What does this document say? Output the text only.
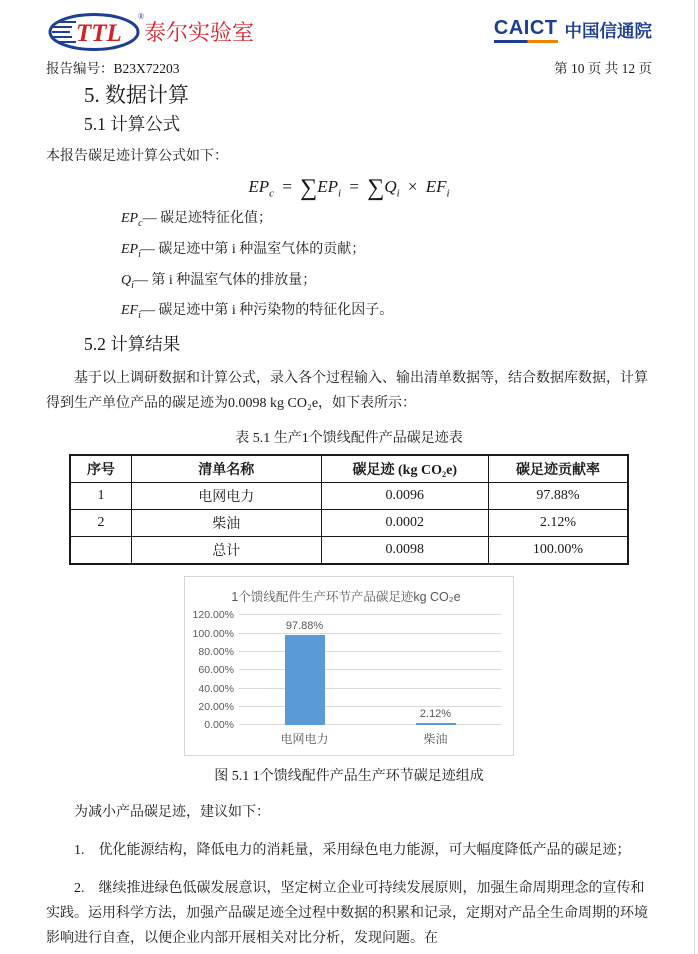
TTL
®
泰尔实验室	CAICT 中国信通院
报告编号：B23X72203	第 10 页 共 12 页
5. 数据计算
5.1 计算公式

本报告碳足迹计算公式如下：

$EP_c = \sum EP_i = \sum Q_i \times EF_i$
$EP_c—$ 碳足迹特征化值；
$EP_i—$ 碳足迹中第 i 种温室气体的贡献；
$Q_i—$ 第 i 种温室气体的排放量；
$EF_i—$ 碳足迹中第 i 种污染物的特征化因子。
5.2 计算结果

基于以上调研数据和计算公式，录入各个过程输入、输出清单数据等，结合数据库数据，计算得到生产单位产品的碳足迹为0.0098 kg CO₂e，如下表所示：

表 5.1 生产1个馈线配件产品碳足迹表
序号	清单名称	碳足迹 (kg CO₂e)	碳足迹贡献率
1	电网电力	0.0096	97.88%
2	柴油	0.0002	2.12%
	总计	0.0098	100.00%
1个馈线配件生产环节产品碳足迹kg CO₂e
0.00%
20.00%
40.00%
60.00%
80.00%
100.00%
120.00%
97.88%
2.12%
电网电力	柴油
图 5.1 1个馈线配件产品生产环节碳足迹组成

为减小产品碳足迹，建议如下：

1.　优化能源结构，降低电力的消耗量，采用绿色电力能源，可大幅度降低产品的碳足迹；

2.　继续推进绿色低碳发展意识，坚定树立企业可持续发展原则，加强生命周期理念的宣传和实践。运用科学方法，加强产品碳足迹全过程中数据的积累和记录，定期对产品全生命周期的环境影响进行自查，以便企业内部开展相关对比分析，发现问题。在
